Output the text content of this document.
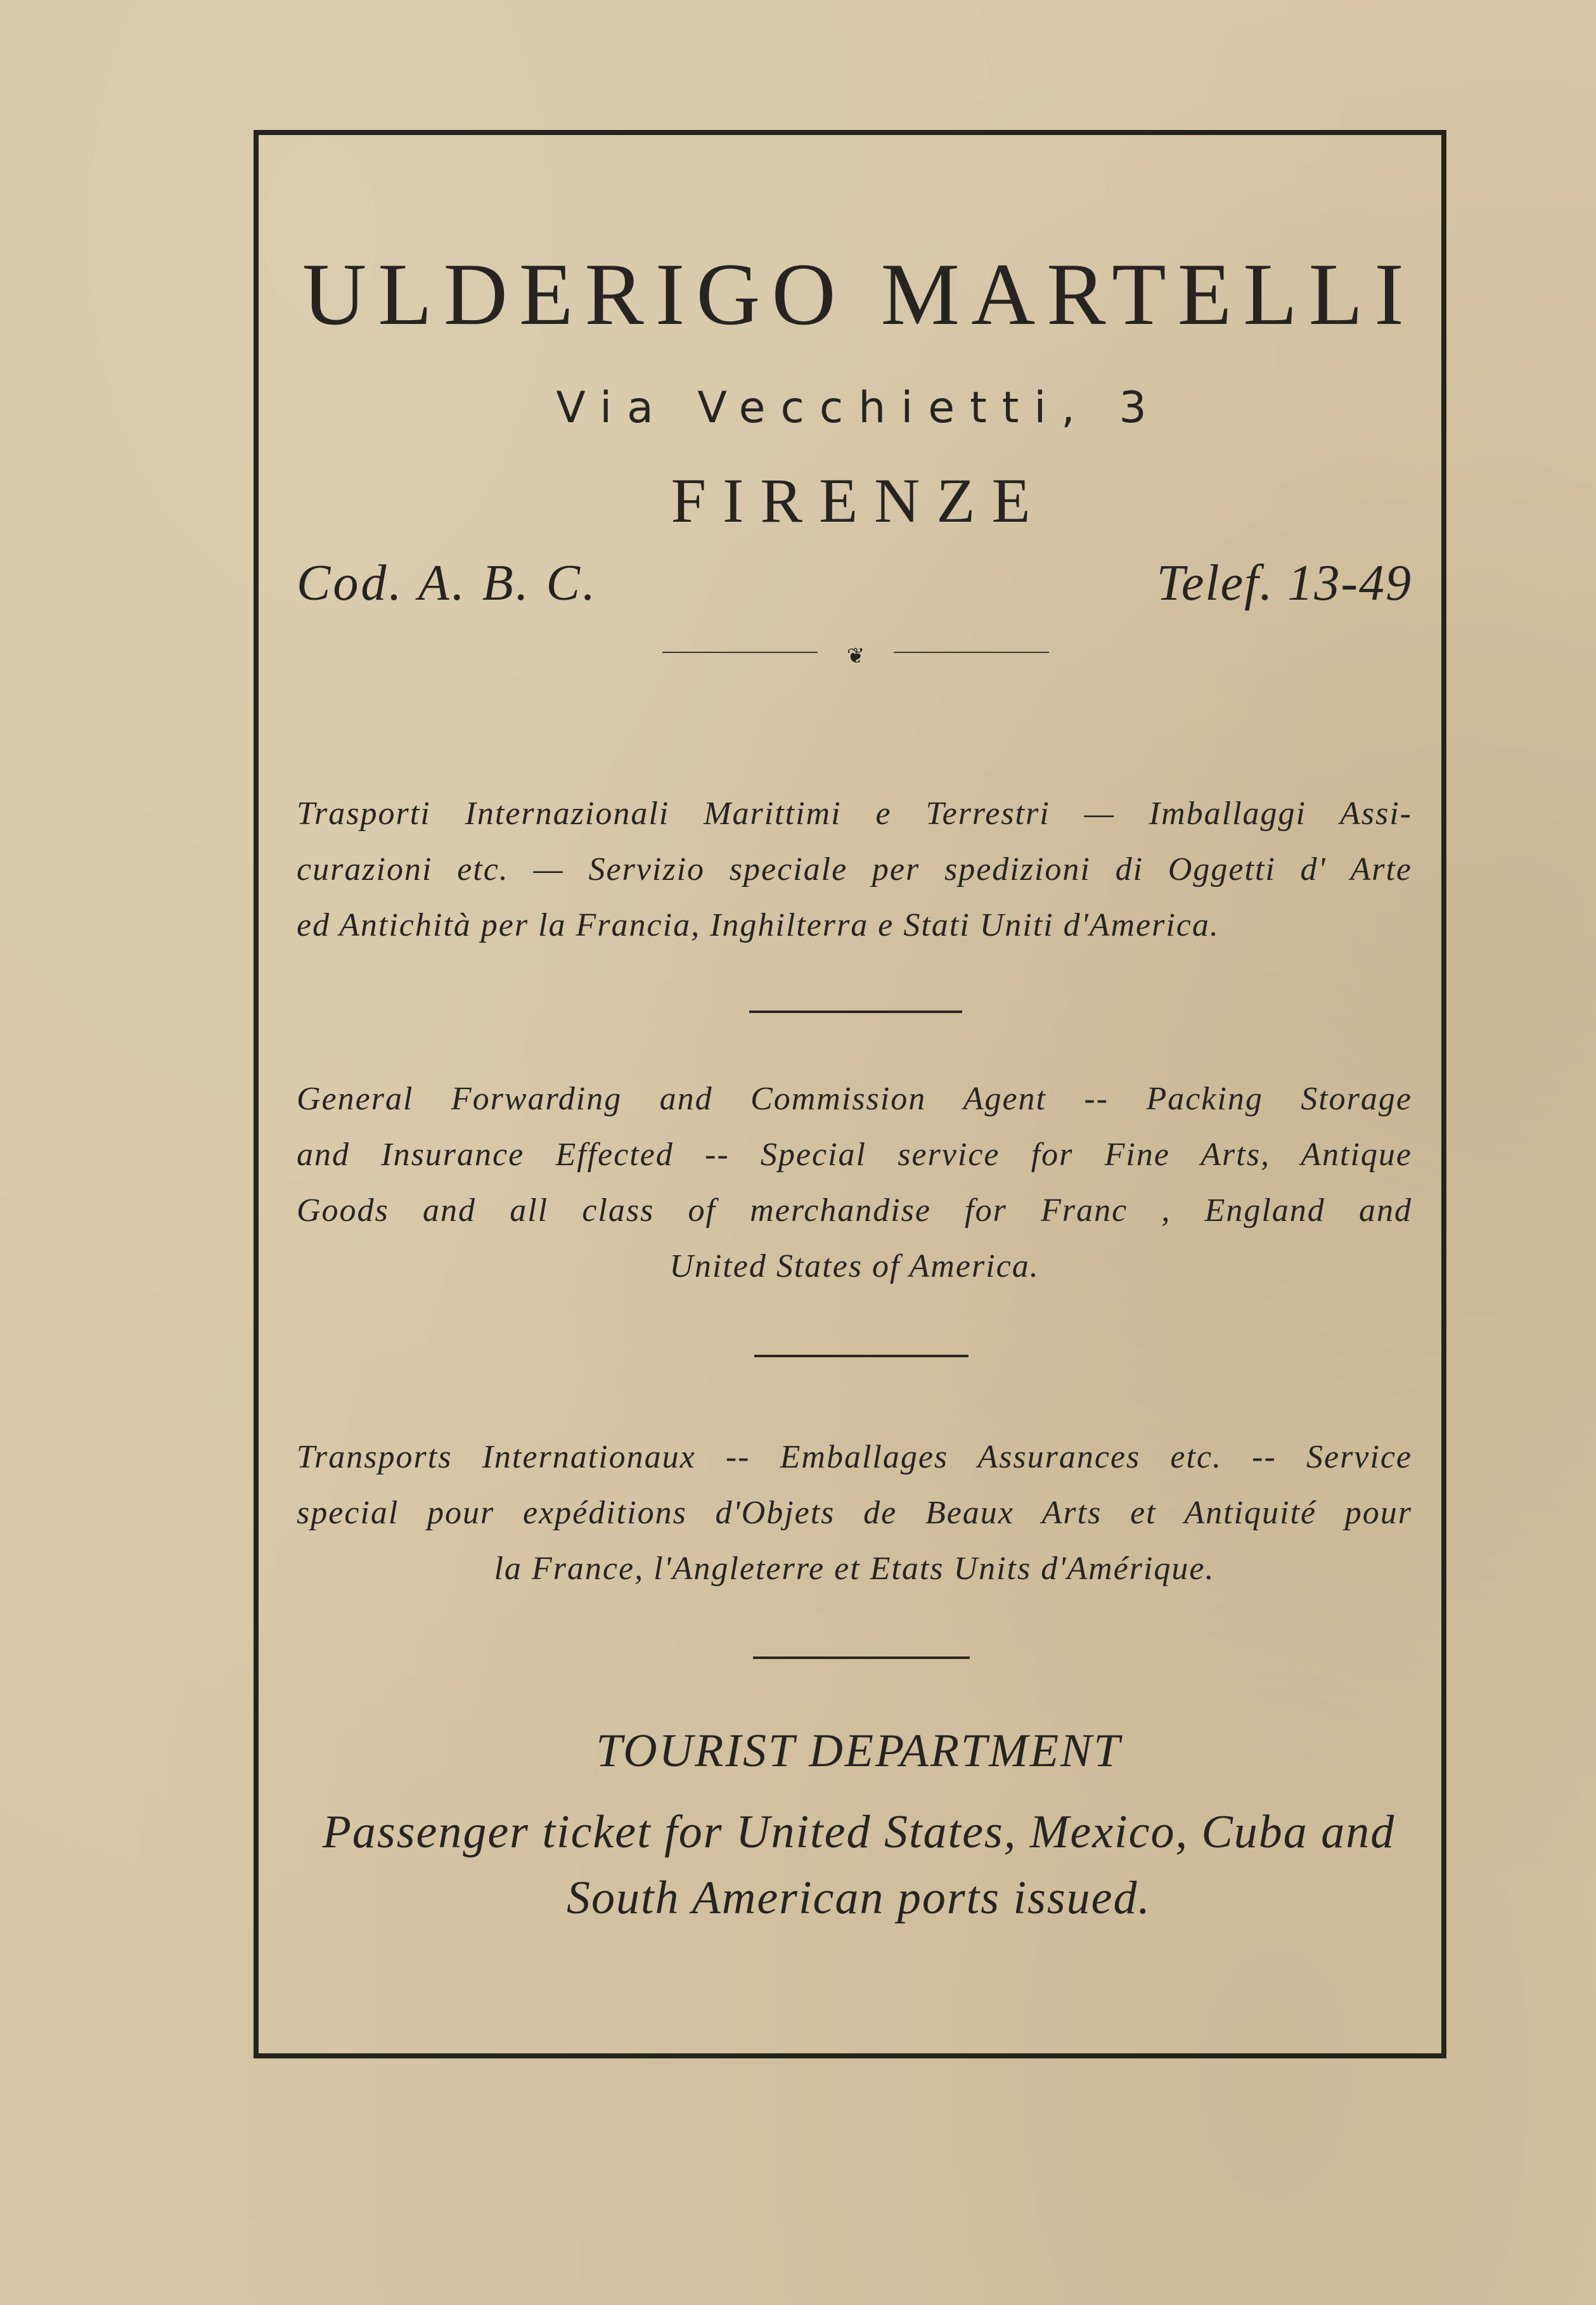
ULDERIGO MARTELLI
Via Vecchietti, 3
FIRENZE
Cod. A. B. C.	Telef. 13-49
❦
Trasporti Internazionali Marittimi e Terrestri — Imballaggi Assi-
curazioni etc. — Servizio speciale per spedizioni di Oggetti d' Arte
ed Antichità per la Francia, Inghilterra e Stati Uniti d'America.
General Forwarding and Commission Agent -- Packing Storage
and Insurance Effected -- Special service for Fine Arts, Antique
Goods and all class of merchandise for Franc , England and
United States of America.
Transports Internationaux -- Emballages Assurances etc. -- Service
special pour expéditions d'Objets de Beaux Arts et Antiquité pour
la France, l'Angleterre et Etats Units d'Amérique.
TOURIST DEPARTMENT
Passenger ticket for United States, Mexico, Cuba and
South American ports issued.
